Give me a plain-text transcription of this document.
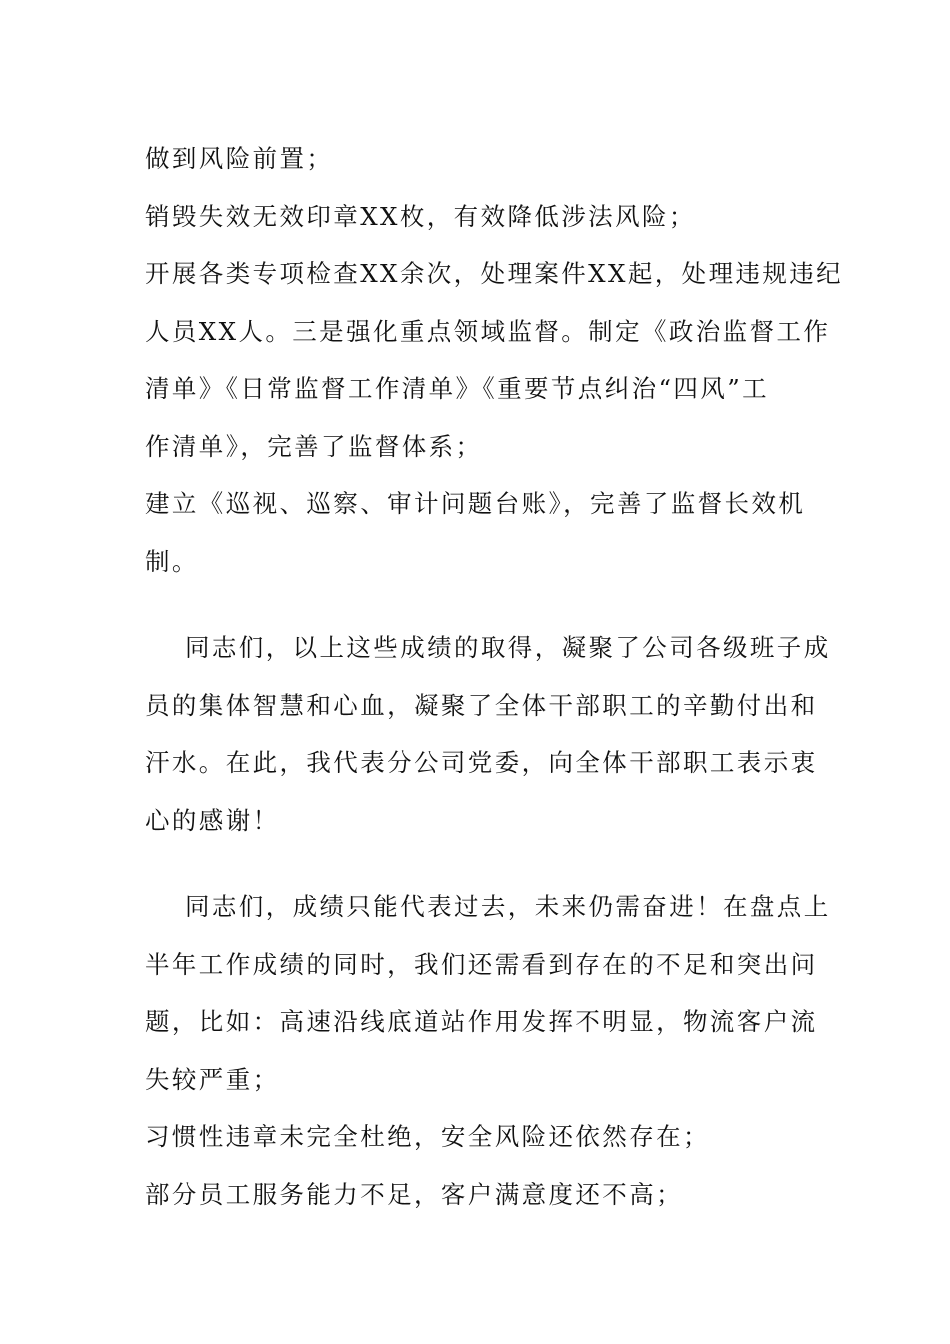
做到风险前置；
销毁失效无效印章XX枚，有效降低涉法风险；
开展各类专项检查XX余次，处理案件XX起，处理违规违纪
人员XX人。三是强化重点领域监督。制定《政治监督工作
清单》《日常监督工作清单》《重要节点纠治“四风”工
作清单》，完善了监督体系；
建立《巡视、巡察、审计问题台账》，完善了监督长效机
制。
同志们，以上这些成绩的取得，凝聚了公司各级班子成
员的集体智慧和心血，凝聚了全体干部职工的辛勤付出和
汗水。在此，我代表分公司党委，向全体干部职工表示衷
心的感谢！
同志们，成绩只能代表过去，未来仍需奋进！在盘点上
半年工作成绩的同时，我们还需看到存在的不足和突出问
题，比如：高速沿线底道站作用发挥不明显，物流客户流
失较严重；
习惯性违章未完全杜绝，安全风险还依然存在；
部分员工服务能力不足，客户满意度还不高；
